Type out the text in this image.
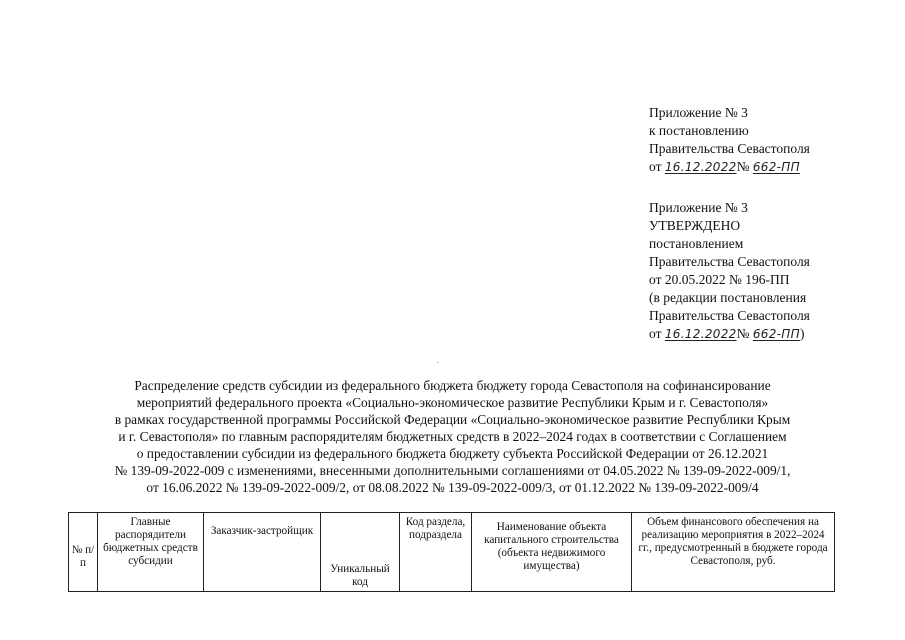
Приложение № 3
к постановлению
Правительства Севастополя
от 16.12.2022№ 662-ПП
Приложение № 3
УТВЕРЖДЕНО
постановлением
Правительства Севастополя
от 20.05.2022 № 196-ПП
(в редакции постановления
Правительства Севастополя
от 16.12.2022№ 662-ПП)
Распределение средств субсидии из федерального бюджета бюджету города Севастополя на софинансирование
мероприятий федерального проекта «Социально-экономическое развитие Республики Крым и г. Севастополя»
в рамках государственной программы Российской Федерации «Социально-экономическое развитие Республики Крым
и г. Севастополя» по главным распорядителям бюджетных средств в 2022–2024 годах в соответствии с Соглашением
о предоставлении субсидии из федерального бюджета бюджету субъекта Российской Федерации от 26.12.2021
№ 139-09-2022-009 с изменениями, внесенными дополнительными соглашениями от 04.05.2022 № 139-09-2022-009/1,
от 16.06.2022 № 139-09-2022-009/2, от 08.08.2022 № 139-09-2022-009/3, от 01.12.2022 № 139-09-2022-009/4
№ п/п	Главные распорядители бюджетных средств субсидии	Заказчик-застройщик	Уникальный код	Код раздела, подраздела	Наименование объекта капитального строительства (объекта недвижимого имущества)	Объем финансового обеспечения на реализацию мероприятия в 2022–2024 гг., предусмотренный в бюджете города Севастополя, руб.
